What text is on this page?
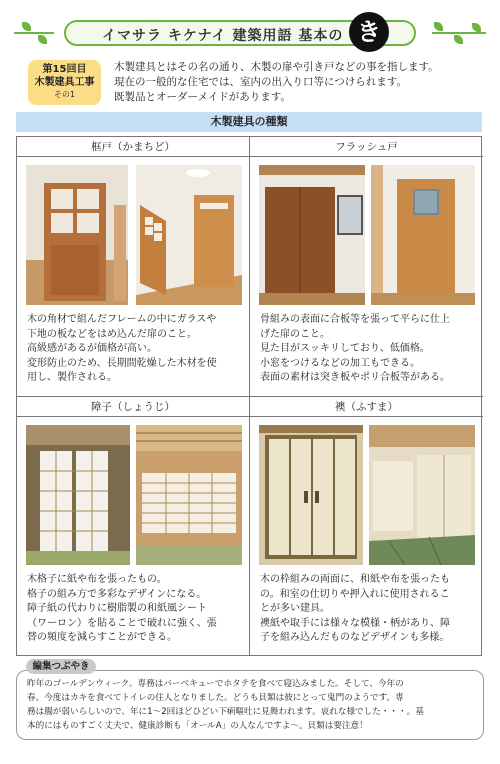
イマサラ キケナイ 建築用語 基本の き
第15回目
木製建具工事
その1
木製建具とはその名の通り、木製の扉や引き戸などの事を指します。
現在の一般的な住宅では、室内の出入り口等につけられます。
既製品とオーダーメイドがあります。
木製建具の種類
框戸（かまちど）
木の角材で組んだフレームの中にガラスや
下地の板などをはめ込んだ扉のこと。
高級感があるが価格が高い。
変形防止のため、長期間乾燥した木材を使
用し、製作される。
フラッシュ戸
骨組みの表面に合板等を張って平らに仕上
げた扉のこと。
見た目がスッキリしており、低価格。
小窓をつけるなどの加工もできる。
表面の素材は突き板やポリ合板等がある。
障子（しょうじ）
木格子に紙や布を張ったもの。
格子の組み方で多彩なデザインになる。
障子紙の代わりに樹脂製の和紙風シート
（ワーロン）を貼ることで破れに強く、張
替の頻度を減らすことができる。
襖（ふすま）
木の枠組みの両面に、和紙や布を張ったも
の。和室の仕切りや押入れに使用されるこ
とが多い建具。
襖紙や取手には様々な模様・柄があり、障
子を組み込んだものなどデザインも多様。
昨年のゴールデンウィーク。専務はバーベキューでホタテを食べて寝込みました。そして、今年の
春。今度はカキを食べてトイレの住人となりました。どうも貝類は彼にとって鬼門のようです。専
務は腸が弱いらしいので、年に1～2回ほどひどい下痢嘔吐に見舞われます。哀れな様でした・・・。基
本的にはものすごく丈夫で、健康診断も「オールA」の人なんですよ～。貝類は要注意！
編集つぶやき
